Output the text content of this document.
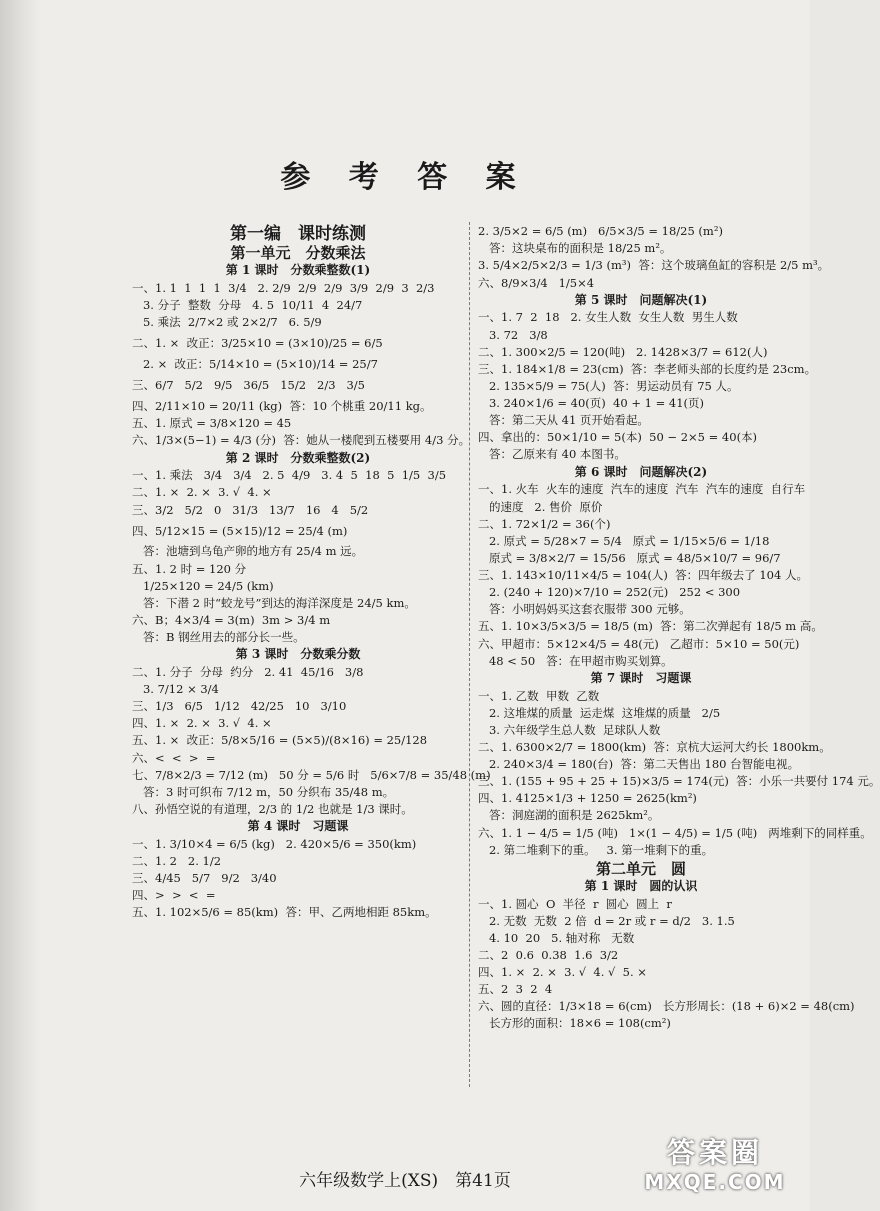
参 考 答 案
第一编　课时练测
第一单元　分数乘法
第 1 课时　分数乘整数(1)
一、1. 1  1  1  1  3/4   2. 2/9  2/9  2/9  3/9  2/9  3  2/3
3. 分子  整数  分母   4. 5  10/11  4  24/7
5. 乘法  2/7×2 或 2×2/7   6. 5/9
二、1. ×  改正：3/25×10 = (3×10)/25 = 6/5
2. ×  改正：5/14×10 = (5×10)/14 = 25/7
三、6/7   5/2   9/5   36/5   15/2   2/3   3/5
四、2/11×10 = 20/11 (kg)  答：10 个桃重 20/11 kg。
五、1. 原式 = 3/8×120 = 45
六、1/3×(5−1) = 4/3 (分)  答：她从一楼爬到五楼要用 4/3 分。
第 2 课时　分数乘整数(2)
一、1. 乘法   3/4   3/4   2. 5  4/9   3. 4  5  18  5  1/5  3/5
二、1. ×  2. ×  3. √  4. ×
三、3/2   5/2   0   31/3   13/7   16   4   5/2
四、5/12×15 = (5×15)/12 = 25/4 (m)
答：池塘到乌龟产卵的地方有 25/4 m 远。
五、1. 2 时 = 120 分
1/25×120 = 24/5 (km)
答：下潜 2 时“蛟龙号”到达的海洋深度是 24/5 km。
六、B；4×3/4 = 3(m)  3m > 3/4 m
答：B 钢丝用去的部分长一些。
第 3 课时　分数乘分数
二、1. 分子  分母  约分   2. 41  45/16   3/8
3. 7/12 × 3/4
三、1/3   6/5   1/12   42/25   10   3/10
四、1. ×  2. ×  3. √  4. ×
五、1. ×  改正：5/8×5/16 = (5×5)/(8×16) = 25/128
六、<  <  >  =
七、7/8×2/3 = 7/12 (m)   50 分 = 5/6 时   5/6×7/8 = 35/48 (m)
答：3 时可织布 7/12 m，50 分织布 35/48 m。
八、孙悟空说的有道理，2/3 的 1/2 也就是 1/3 课时。
第 4 课时　习题课
一、1. 3/10×4 = 6/5 (kg)   2. 420×5/6 = 350(km)
二、1. 2   2. 1/2
三、4/45   5/7   9/2   3/40
四、>  >  <  =
五、1. 102×5/6 = 85(km)  答：甲、乙两地相距 85km。
2. 3/5×2 = 6/5 (m)   6/5×3/5 = 18/25 (m²)
答：这块桌布的面积是 18/25 m²。
3. 5/4×2/5×2/3 = 1/3 (m³)  答：这个玻璃鱼缸的容积是 2/5 m³。
六、8/9×3/4   1/5×4
第 5 课时　问题解决(1)
一、1. 7  2  18   2. 女生人数  女生人数  男生人数
3. 72   3/8
二、1. 300×2/5 = 120(吨)   2. 1428×3/7 = 612(人)
三、1. 184×1/8 = 23(cm)  答：李老师头部的长度约是 23cm。
2. 135×5/9 = 75(人)  答：男运动员有 75 人。
3. 240×1/6 = 40(页)  40 + 1 = 41(页)
答：第二天从 41 页开始看起。
四、拿出的：50×1/10 = 5(本)  50 − 2×5 = 40(本)
答：乙原来有 40 本图书。
第 6 课时　问题解决(2)
一、1. 火车  火车的速度  汽车的速度  汽车  汽车的速度  自行车
的速度   2. 售价  原价
二、1. 72×1/2 = 36(个)
2. 原式 = 5/28×7 = 5/4   原式 = 1/15×5/6 = 1/18
原式 = 3/8×2/7 = 15/56   原式 = 48/5×10/7 = 96/7
三、1. 143×10/11×4/5 = 104(人)  答：四年级去了 104 人。
2. (240 + 120)×7/10 = 252(元)   252 < 300
答：小明妈妈买这套衣服带 300 元够。
五、1. 10×3/5×3/5 = 18/5 (m)  答：第二次弹起有 18/5 m 高。
六、甲超市：5×12×4/5 = 48(元)   乙超市：5×10 = 50(元)
48 < 50   答：在甲超市购买划算。
第 7 课时　习题课
一、1. 乙数  甲数  乙数
2. 这堆煤的质量  运走煤  这堆煤的质量   2/5
3. 六年级学生总人数  足球队人数
二、1. 6300×2/7 = 1800(km)  答：京杭大运河大约长 1800km。
2. 240×3/4 = 180(台)  答：第二天售出 180 台智能电视。
三、1. (155 + 95 + 25 + 15)×3/5 = 174(元)  答：小乐一共要付 174 元。
四、1. 4125×1/3 + 1250 = 2625(km²)
答：洞庭湖的面积是 2625km²。
六、1. 1 − 4/5 = 1/5 (吨)   1×(1 − 4/5) = 1/5 (吨)   两堆剩下的同样重。
2. 第二堆剩下的重。   3. 第一堆剩下的重。
第二单元　圆
第 1 课时　圆的认识
一、1. 圆心  O  半径  r  圆心  圆上  r
2. 无数  无数  2 倍  d = 2r 或 r = d/2   3. 1.5
4. 10  20   5. 轴对称   无数
二、2  0.6  0.38  1.6  3/2
四、1. ×  2. ×  3. √  4. √  5. ×
五、2  3  2  4
六、圆的直径：1/3×18 = 6(cm)   长方形周长：(18 + 6)×2 = 48(cm)
长方形的面积：18×6 = 108(cm²)
六年级数学上(XS)　第41页
答案圈
MXQE.COM
